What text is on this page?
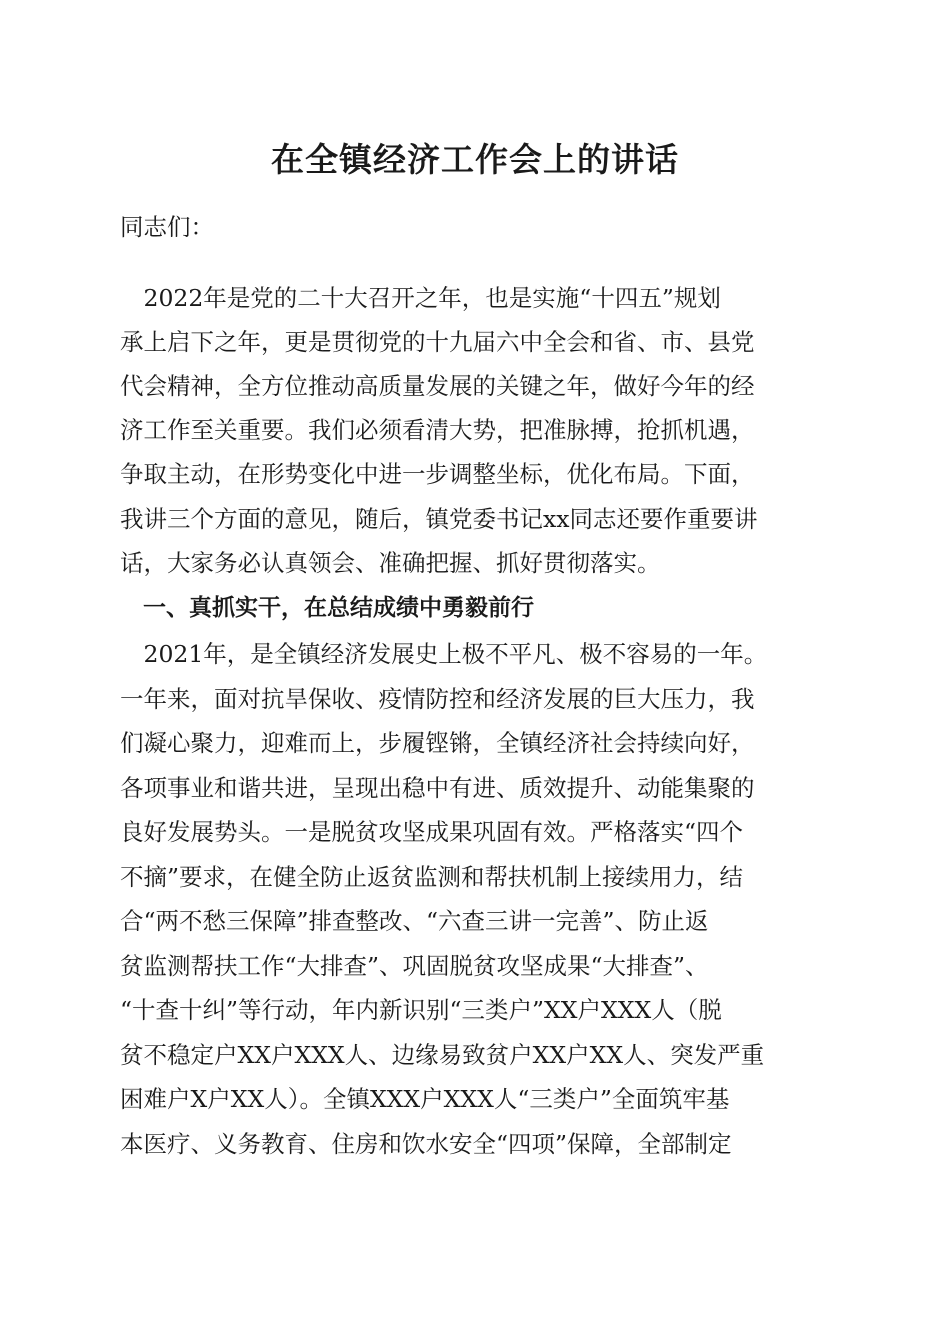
在全镇经济工作会上的讲话
同志们：
　2022年是党的二十大召开之年，也是实施“十四五”规划
承上启下之年，更是贯彻党的十九届六中全会和省、市、县党
代会精神，全方位推动高质量发展的关键之年，做好今年的经
济工作至关重要。我们必须看清大势，把准脉搏，抢抓机遇，
争取主动，在形势变化中进一步调整坐标，优化布局。下面，
我讲三个方面的意见，随后，镇党委书记xx同志还要作重要讲
话，大家务必认真领会、准确把握、抓好贯彻落实。
　一、真抓实干，在总结成绩中勇毅前行
　2021年，是全镇经济发展史上极不平凡、极不容易的一年。
一年来，面对抗旱保收、疫情防控和经济发展的巨大压力，我
们凝心聚力，迎难而上，步履铿锵，全镇经济社会持续向好，
各项事业和谐共进，呈现出稳中有进、质效提升、动能集聚的
良好发展势头。一是脱贫攻坚成果巩固有效。严格落实“四个
不摘”要求，在健全防止返贫监测和帮扶机制上接续用力，结
合“两不愁三保障”排查整改、“六查三讲一完善”、防止返
贫监测帮扶工作“大排查”、巩固脱贫攻坚成果“大排查”、
“十查十纠”等行动，年内新识别“三类户”XX户XXX人（脱
贫不稳定户XX户XXX人、边缘易致贫户XX户XX人、突发严重
困难户X户XX人）。全镇XXX户XXX人“三类户”全面筑牢基
本医疗、义务教育、住房和饮水安全“四项”保障，全部制定
